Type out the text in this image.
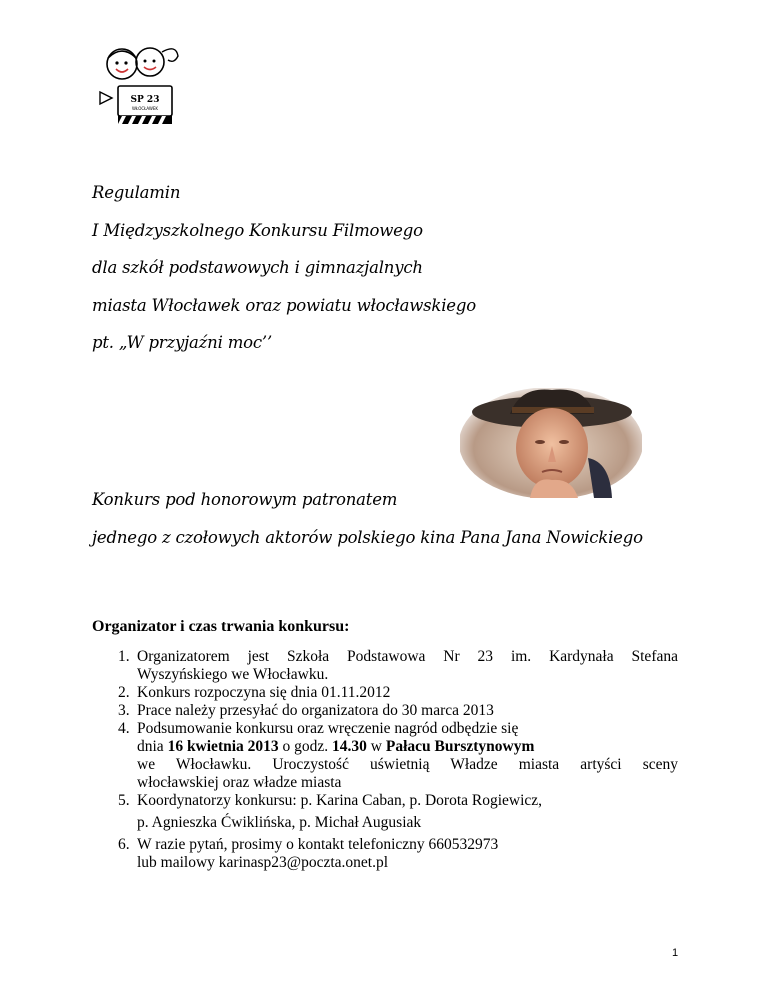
SP 23
WŁOCŁAWEK
Regulamin
I Międzyszkolnego Konkursu Filmowego
dla szkół podstawowych i gimnazjalnych
miasta Włocławek oraz powiatu włocławskiego
pt. „W przyjaźni moc’’
Konkurs pod honorowym patronatem
jednego z czołowych aktorów polskiego kina Pana Jana Nowickiego
Organizator i czas trwania konkursu:
1. Organizatorem jest Szkoła Podstawowa Nr 23 im. Kardynała Stefana
Wyszyńskiego we Włocławku.
2. Konkurs rozpoczyna się dnia 01.11.2012
3. Prace należy przesyłać do organizatora do 30 marca 2013
4. Podsumowanie konkursu oraz wręczenie nagród odbędzie się
dnia 16 kwietnia 2013 o godz. 14.30 w Pałacu Bursztynowym
we Włocławku. Uroczystość uświetnią Władze miasta artyści sceny
włocławskiej oraz władze miasta
5. Koordynatorzy konkursu: p. Karina Caban, p. Dorota Rogiewicz,
p. Agnieszka Ćwiklińska, p. Michał Augusiak
6. W razie pytań, prosimy o kontakt telefoniczny 660532973
lub mailowy karinasp23@poczta.onet.pl
1
